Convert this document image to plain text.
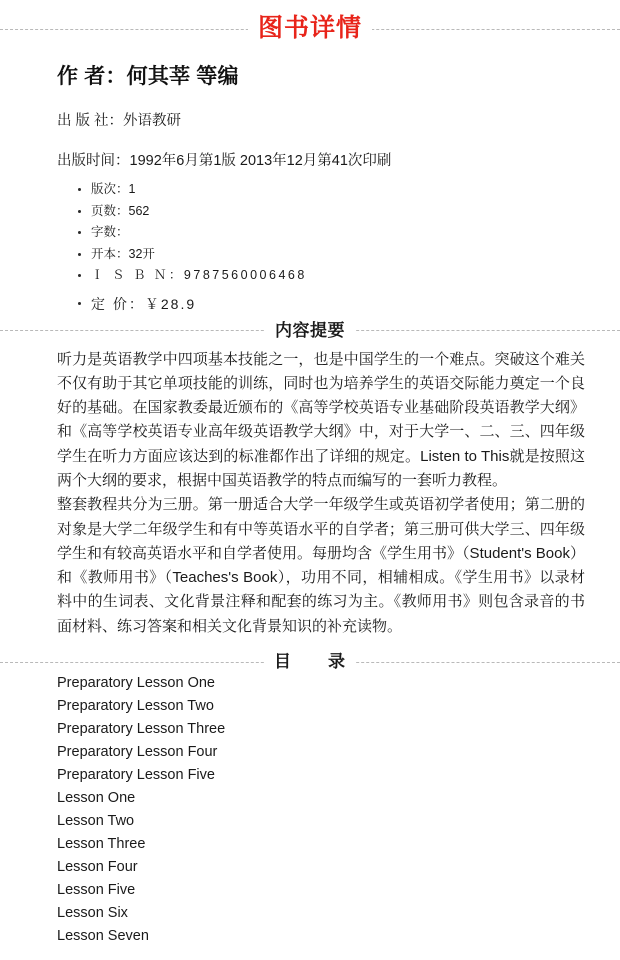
图书详情
作 者：何其莘 等编
出 版 社：外语教研
出版时间：1992年6月第1版 2013年12月第41次印刷
版次：1
页数：562
字数：
开本：32开
Ｉ Ｓ Ｂ Ｎ：9787560006468
定 价：￥28.9
内容提要

听力是英语教学中四项基本技能之一，也是中国学生的一个难点。突破这个难关不仅有助于其它单项技能的训练，同时也为培养学生的英语交际能力奠定一个良好的基础。在国家教委最近颁布的《高等学校英语专业基础阶段英语教学大纲》和《高等学校英语专业高年级英语教学大纲》中，对于大学一、二、三、四年级学生在听力方面应该达到的标准都作出了详细的规定。Listen to This就是按照这两个大纲的要求，根据中国英语教学的特点而编写的一套听力教程。

整套教程共分为三册。第一册适合大学一年级学生或英语初学者使用；第二册的对象是大学二年级学生和有中等英语水平的自学者；第三册可供大学三、四年级学生和有较高英语水平和自学者使用。每册均含《学生用书》（Student's Book）和《教师用书》（Teaches's Book），功用不同，相辅相成。《学生用书》以录材料中的生词表、文化背景注释和配套的练习为主。《教师用书》则包含录音的书面材料、练习答案和相关文化背景知识的补充读物。

目　　录
Preparatory Lesson One
Preparatory Lesson Two
Preparatory Lesson Three
Preparatory Lesson Four
Preparatory Lesson Five
Lesson One
Lesson Two
Lesson Three
Lesson Four
Lesson Five
Lesson Six
Lesson Seven
